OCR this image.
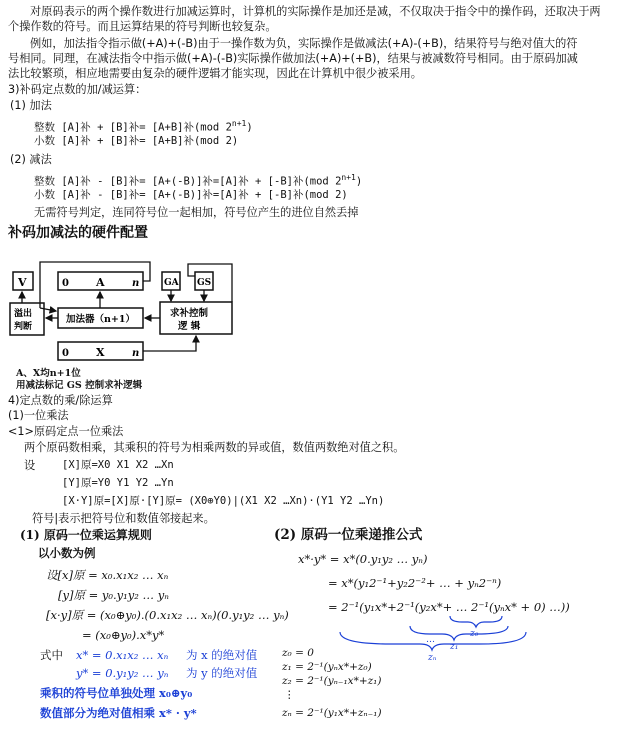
对原码表示的两个操作数进行加减运算时，计算机的实际操作是加还是减，不仅取决于指令中的操作码，还取决于两
个操作数的符号。而且运算结果的符号判断也较复杂。
例如，加法指令指示做(+A)+(-B)由于一操作数为负，实际操作是做减法(+A)-(+B)，结果符号与绝对值大的符
号相同。同理，在减法指令中指示做(+A)-(-B)实际操作做加法(+A)+(+B)，结果与被减数符号相同。由于原码加减
法比较繁琐，相应地需要由复杂的硬件逻辑才能实现，因此在计算机中很少被采用。
3)补码定点数的加/减运算：
(1) 加法
整数 [A]补 + [B]补= [A+B]补(mod $2^{n+1}$)
小数 [A]补 + [B]补= [A+B]补(mod 2)
(2) 减法
整数 [A]补 - [B]补= [A+(-B)]补=[A]补 + [-B]补(mod $2^{n+1}$)
小数 [A]补 - [B]补= [A+(-B)]补=[A]补 + [-B]补(mod 2)
无需符号判定，连同符号位一起相加，符号位产生的进位自然丢掉
补码加减法的硬件配置
V	0 A	n	GA GS
溢出
判断
加法器（n+1）
求补控制
逻 辑
0 X	n
A、X均n+1位
用减法标记 GS 控制求补逻辑
4)定点数的乘/除运算
(1)一位乘法
<1>原码定点一位乘法
两个原码数相乘，其乘积的符号为相乘两数的异或值，数值两数绝对值之积。
设	[X]原=X0 X1 X2 …Xn
[Y]原=Y0 Y1 Y2 …Yn
[X·Y]原=[X]原·[Y]原= (X0⊕Y0)|(X1 X2 …Xn)·(Y1 Y2 …Yn)
符号|表示把符号位和数值邻接起来。
(1) 原码一位乘运算规则
以小数为例
设[x]原 = x₀.x₁x₂ … xₙ
[y]原 = y₀.y₁y₂ … yₙ
[x·y]原 = (x₀⊕y₀).(0.x₁x₂ … xₙ)(0.y₁y₂ … yₙ)
= (x₀⊕y₀).x*y*
式中 x* = 0.x₁x₂ … xₙ 为 x 的绝对值
y* = 0.y₁y₂ … yₙ 为 y 的绝对值
乘积的符号位单独处理 x₀⊕y₀
数值部分为绝对值相乘 x* · y*
(2) 原码一位乘递推公式
x*·y* = x*(0.y₁y₂ … yₙ)
= x*(y₁2⁻¹+y₂2⁻²+ … + yₙ2⁻ⁿ)
= 2⁻¹(y₁x*+2⁻¹(y₂x*+ … 2⁻¹(yₙx* + 0) …))
z₀
…
z₁
zₙ
z₀ = 0
z₁ = 2⁻¹(yₙx*+z₀)
z₂ = 2⁻¹(yₙ₋₁x*+z₁)
⋮
zₙ = 2⁻¹(y₁x*+zₙ₋₁)
